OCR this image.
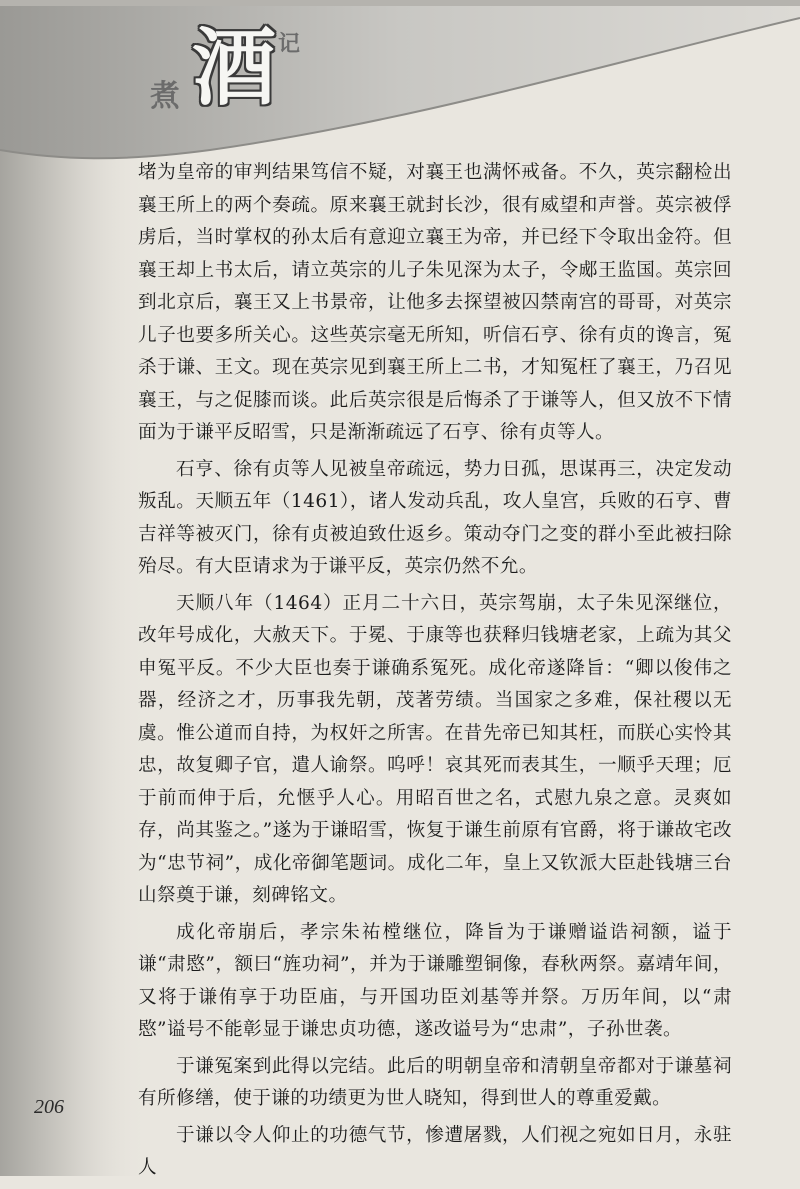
煮 酒 记

堵为皇帝的审判结果笃信不疑，对襄王也满怀戒备。不久，英宗翻检出襄王所上的两个奏疏。原来襄王就封长沙，很有威望和声誉。英宗被俘虏后，当时掌权的孙太后有意迎立襄王为帝，并已经下令取出金符。但襄王却上书太后，请立英宗的儿子朱见深为太子，令郕王监国。英宗回到北京后，襄王又上书景帝，让他多去探望被囚禁南宫的哥哥，对英宗儿子也要多所关心。这些英宗毫无所知，听信石亨、徐有贞的谗言，冤杀于谦、王文。现在英宗见到襄王所上二书，才知冤枉了襄王，乃召见襄王，与之促膝而谈。此后英宗很是后悔杀了于谦等人，但又放不下情面为于谦平反昭雪，只是渐渐疏远了石亨、徐有贞等人。

石亨、徐有贞等人见被皇帝疏远，势力日孤，思谋再三，决定发动叛乱。天顺五年（1461），诸人发动兵乱，攻人皇宫，兵败的石亨、曹吉祥等被灭门，徐有贞被迫致仕返乡。策动夺门之变的群小至此被扫除殆尽。有大臣请求为于谦平反，英宗仍然不允。

天顺八年（1464）正月二十六日，英宗驾崩，太子朱见深继位，改年号成化，大赦天下。于冕、于康等也获释归钱塘老家，上疏为其父申冤平反。不少大臣也奏于谦确系冤死。成化帝遂降旨：“卿以俊伟之器，经济之才，历事我先朝，茂著劳绩。当国家之多难，保社稷以无虞。惟公道而自持，为权奸之所害。在昔先帝已知其枉，而朕心实怜其忠，故复卿子官，遣人谕祭。呜呼！哀其死而表其生，一顺乎天理；厄于前而伸于后，允惬乎人心。用昭百世之名，式慰九泉之意。灵爽如存，尚其鉴之。”遂为于谦昭雪，恢复于谦生前原有官爵，将于谦故宅改为“忠节祠”，成化帝御笔题词。成化二年，皇上又钦派大臣赴钱塘三台山祭奠于谦，刻碑铭文。

成化帝崩后，孝宗朱祐樘继位，降旨为于谦赠谥诰祠额，谥于谦“肃愍”，额曰“旌功祠”，并为于谦雕塑铜像，春秋两祭。嘉靖年间，又将于谦侑享于功臣庙，与开国功臣刘基等并祭。万历年间，以“肃愍”谥号不能彰显于谦忠贞功德，遂改谥号为“忠肃”，子孙世袭。

于谦冤案到此得以完结。此后的明朝皇帝和清朝皇帝都对于谦墓祠有所修缮，使于谦的功绩更为世人晓知，得到世人的尊重爱戴。

于谦以令人仰止的功德气节，惨遭屠戮，人们视之宛如日月，永驻人

206
